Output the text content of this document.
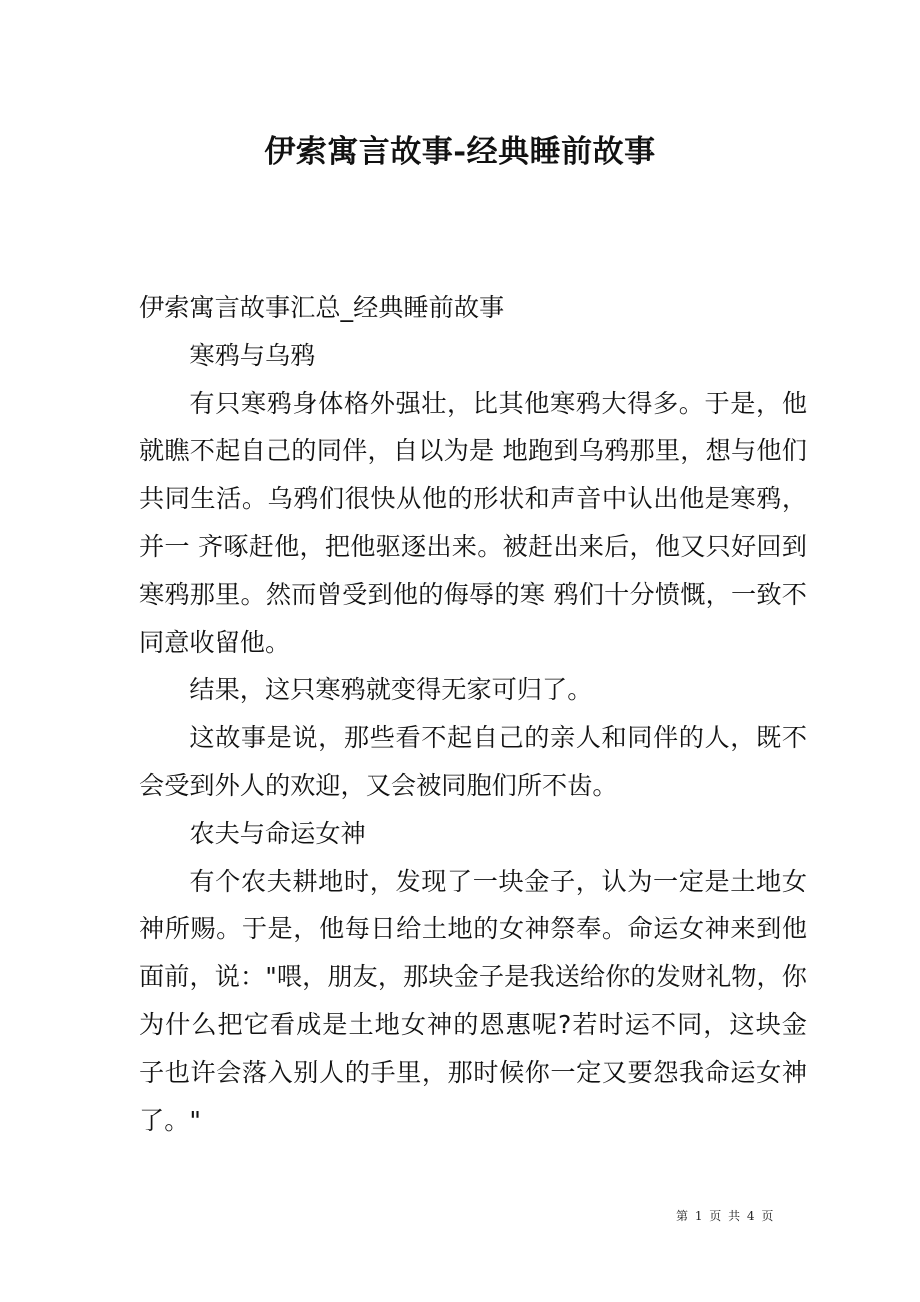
伊索寓言故事-经典睡前故事

伊索寓言故事汇总_经典睡前故事

寒鸦与乌鸦

有只寒鸦身体格外强壮，比其他寒鸦大得多。于是，他就瞧不起自己的同伴，自以为是 地跑到乌鸦那里，想与他们共同生活。乌鸦们很快从他的形状和声音中认出他是寒鸦，并一 齐啄赶他，把他驱逐出来。被赶出来后，他又只好回到寒鸦那里。然而曾受到他的侮辱的寒 鸦们十分愤慨，一致不同意收留他。

结果，这只寒鸦就变得无家可归了。

这故事是说，那些看不起自己的亲人和同伴的人，既不会受到外人的欢迎，又会被同胞们所不齿。

农夫与命运女神

有个农夫耕地时，发现了一块金子，认为一定是土地女神所赐。于是，他每日给土地的女神祭奉。命运女神来到他面前，说："喂，朋友，那块金子是我送给你的发财礼物，你为什么把它看成是土地女神的恩惠呢?若时运不同，这块金子也许会落入别人的手里，那时候你一定又要怨我命运女神了。"

第 1 页 共 4 页
